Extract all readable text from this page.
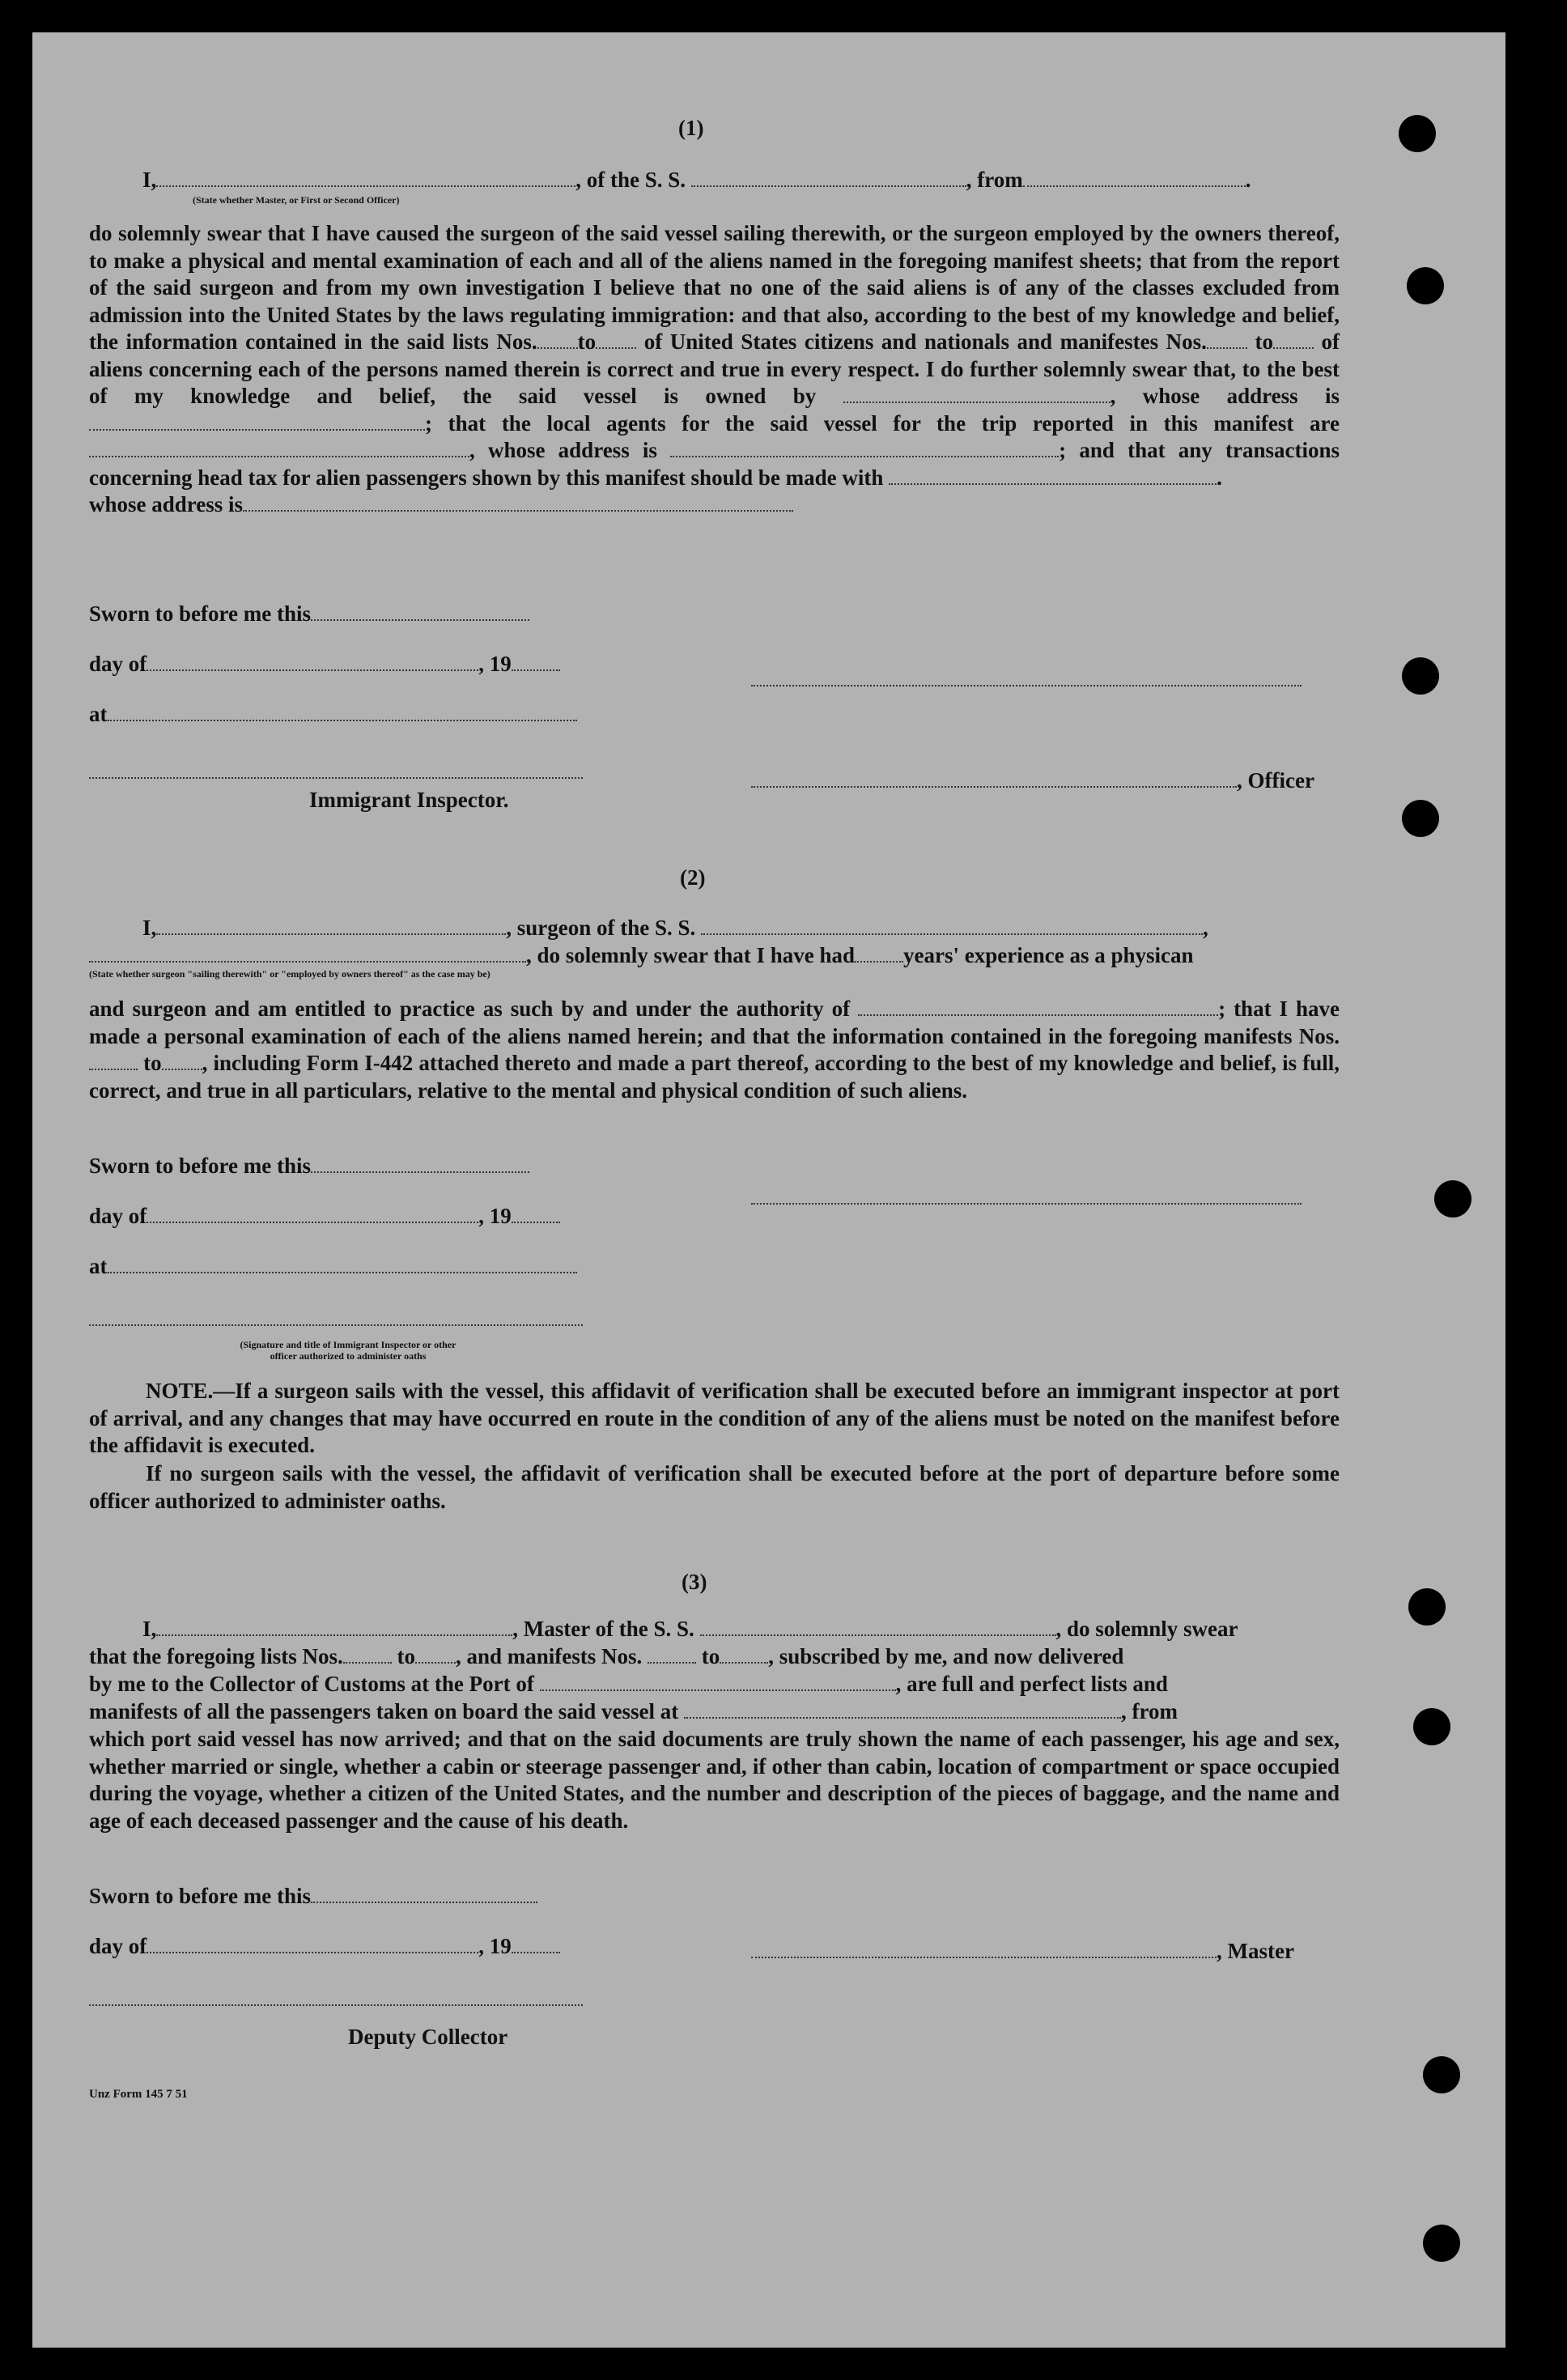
(1)
I,	, of the S. S.	, from	.
(State whether Master, or First or Second Officer)
do solemnly swear that I have caused the surgeon of the said vessel sailing therewith, or the surgeon employed by the owners thereof, to make a physical and mental examination of each and all of the aliens named in the foregoing manifest sheets; that from the report of the said surgeon and from my own investigation I believe that no one of the said aliens is of any of the classes excluded from admission into the United States by the laws regulating immigration: and that also, according to the best of my knowledge and belief, the information contained in the said lists Nos. to of United States citizens and nationals and manifestes Nos. to of aliens concerning each of the persons named therein is correct and true in every respect. I do further solemnly swear that, to the best of my knowledge and belief, the said vessel is owned by	, whose address is ; that the local agents for the said vessel for the trip reported in this manifest are , whose address is	; and that any transactions concerning head tax for alien passengers shown by this manifest should be made with	.
whose address is
Sworn to before me this
day of	, 19
at
, Officer
Immigrant Inspector.
(2)
I,	, surgeon of the S. S.	,
, do solemnly swear that I have had years' experience as a physican
(State whether surgeon "sailing therewith" or "employed by owners thereof" as the case may be)
and surgeon and am entitled to practice as such by and under the authority of	; that I have made a personal examination of each of the aliens named herein; and that the information contained in the foregoing manifests Nos. to , including Form I-442 attached thereto and made a part thereof, according to the best of my knowledge and belief, is full, correct, and true in all particulars, relative to the mental and physical condition of such aliens.
Sworn to before me this
day of	, 19
at
(Signature and title of Immigrant Inspector or other
officer authorized to administer oaths
NOTE.—If a surgeon sails with the vessel, this affidavit of verification shall be executed before an immigrant inspector at port of arrival, and any changes that may have occurred en route in the condition of any of the aliens must be noted on the manifest before the affidavit is executed.
If no surgeon sails with the vessel, the affidavit of verification shall be executed before at the port of departure before some officer authorized to administer oaths.
(3)
I,	, Master of the S. S.	, do solemnly swear
that the foregoing lists Nos. to , and manifests Nos.	to , subscribed by me, and now delivered
by me to the Collector of Customs at the Port of	, are full and perfect lists and
manifests of all the passengers taken on board the said vessel at	, from
which port said vessel has now arrived; and that on the said documents are truly shown the name of each passenger, his age and sex, whether married or single, whether a cabin or steerage passenger and, if other than cabin, location of compartment or space occupied during the voyage, whether a citizen of the United States, and the number and description of the pieces of baggage, and the name and age of each deceased passenger and the cause of his death.
Sworn to before me this
day of	, 19	, Master
Deputy Collector
Unz Form 145 7 51
